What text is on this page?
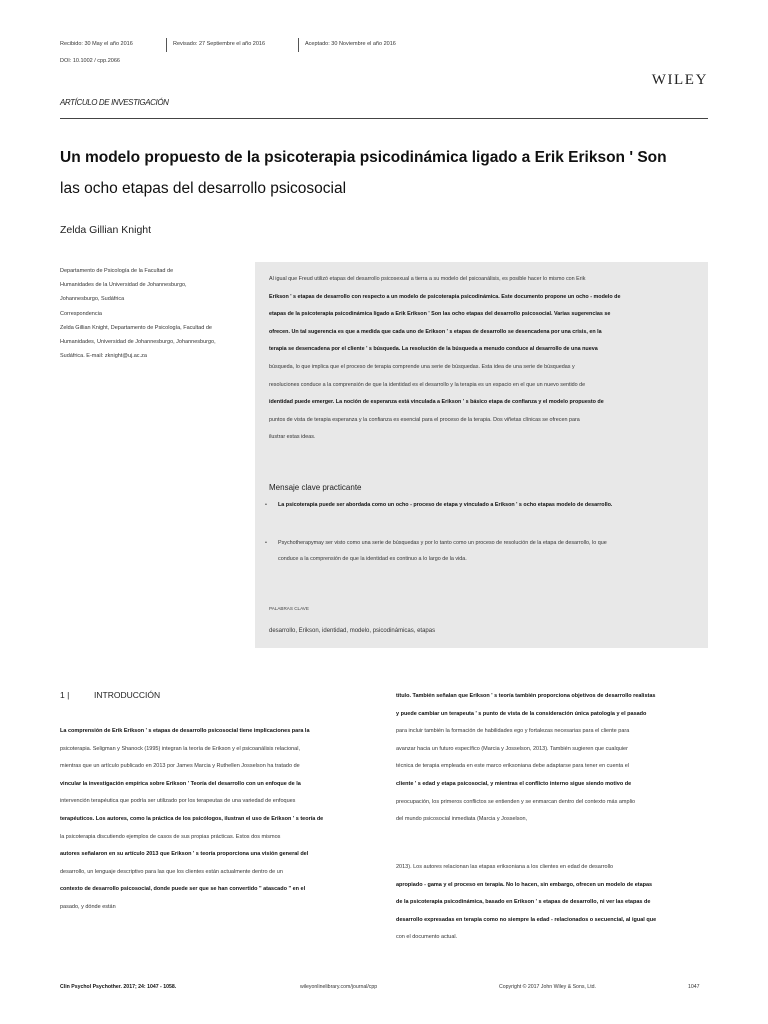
Recibido: 30 May el año 2016	Revisado: 27 Septiembre el año 2016	Aceptado: 30 Noviembre el año 2016
DOI: 10.1002 / cpp.2066
WILEY
ARTÍCULO DE INVESTIGACIÓN
Un modelo propuesto de la psicoterapia psicodinámica ligado a Erik Erikson ' Son
las ocho etapas del desarrollo psicosocial
Zelda Gillian Knight
Departamento de Psicología de la Facultad de
Humanidades de la Universidad de Johannesburgo,
Johannesburgo, Sudáfrica
Correspondencia
Zelda Gillian Knight, Departamento de Psicología, Facultad de
Humanidades, Universidad de Johannesburgo, Johannesburgo,
Sudáfrica. E-mail: zknight@uj.ac.za
Al igual que Freud utilizó etapas del desarrollo psicosexual a tierra a su modelo del psicoanálisis, es posible hacer lo mismo con Erik
Erikson ' s etapas de desarrollo con respecto a un modelo de psicoterapia psicodinámica. Este documento propone un ocho - modelo de
etapas de la psicoterapia psicodinámica ligado a Erik Erikson ' Son las ocho etapas del desarrollo psicosocial. Varias sugerencias se
ofrecen. Un tal sugerencia es que a medida que cada uno de Erikson ' s etapas de desarrollo se desencadena por una crisis, en la
terapia se desencadena por el cliente ' s búsqueda. La resolución de la búsqueda a menudo conduce al desarrollo de una nueva
búsqueda, lo que implica que el proceso de terapia comprende una serie de búsquedas. Esta idea de una serie de búsquedas y
resoluciones conduce a la comprensión de que la identidad es el desarrollo y la terapia es un espacio en el que un nuevo sentido de
identidad puede emerger. La noción de esperanza está vinculada a Erikson ' s básico etapa de confianza y el modelo propuesto de
puntos de vista de terapia esperanza y la confianza es esencial para el proceso de la terapia. Dos viñetas clínicas se ofrecen para
ilustrar estas ideas.
Mensaje clave practicante
• La psicoterapia puede ser abordada como un ocho - proceso de etapa y vinculado a Erikson ' s ocho etapas modelo de desarrollo.
• Psychotherapymay ser visto como una serie de búsquedas y por lo tanto como un proceso de resolución de la etapa de desarrollo, lo que
conduce a la comprensión de que la identidad es continuo a lo largo de la vida.
PALABRAS CLAVE
desarrollo, Erikson, identidad, modelo, psicodinámicas, etapas
1 |	INTRODUCCIÓN
La comprensión de Erik Erikson ' s etapas de desarrollo psicosocial tiene implicaciones para la
psicoterapia. Seligman y Shanock (1995) integran la teoría de Erikson y el psicoanálisis relacional,
mientras que un artículo publicado en 2013 por James Marcia y Ruthellen Josselson ha tratado de
vincular la investigación empírica sobre Erikson ' Teoría del desarrollo con un enfoque de la
intervención terapéutica que podría ser utilizado por los terapeutas de una variedad de enfoques
terapéuticos. Los autores, como la práctica de los psicólogos, ilustran el uso de Erikson ' s teoría de
la psicoterapia discutiendo ejemplos de casos de sus propias prácticas. Estos dos mismos
autores señalaron en su artículo 2013 que Erikson ' s teoría proporciona una visión general del
desarrollo, un lenguaje descriptivo para las que los clientes están actualmente dentro de un
contexto de desarrollo psicosocial, donde puede ser que se han convertido " atascado " en el
pasado, y dónde están
título. También señalan que Erikson ' s teoría también proporciona objetivos de desarrollo realistas
y puede cambiar un terapeuta ' s punto de vista de la consideración única patología y el pasado
para incluir también la formación de habilidades ego y fortalezas necesarias para el cliente para
avanzar hacia un futuro específico (Marcia y Josselson, 2013). También sugieren que cualquier
técnica de terapia empleada en este marco eriksoniana debe adaptarse para tener en cuenta el
cliente ' s edad y etapa psicosocial, y mientras el conflicto interno sigue siendo motivo de
preocupación, los primeros conflictos se entienden y se enmarcan dentro del contexto más amplio
del mundo psicosocial inmediata (Marcia y Josselson,
2013). Los autores relacionan las etapas eriksoniana a los clientes en edad de desarrollo
apropiado - gama y el proceso en terapia. No lo hacen, sin embargo, ofrecen un modelo de etapas
de la psicoterapia psicodinámica, basado en Erikson ' s etapas de desarrollo, ni ver las etapas de
desarrollo expresadas en terapia como no siempre la edad - relacionados o secuencial, al igual que
con el documento actual.
Clin Psychol Psychother. 2017; 24: 1047 - 1058.	wileyonlinelibrary.com/journal/cpp	Copyright © 2017 John Wiley & Sons, Ltd.	1047
